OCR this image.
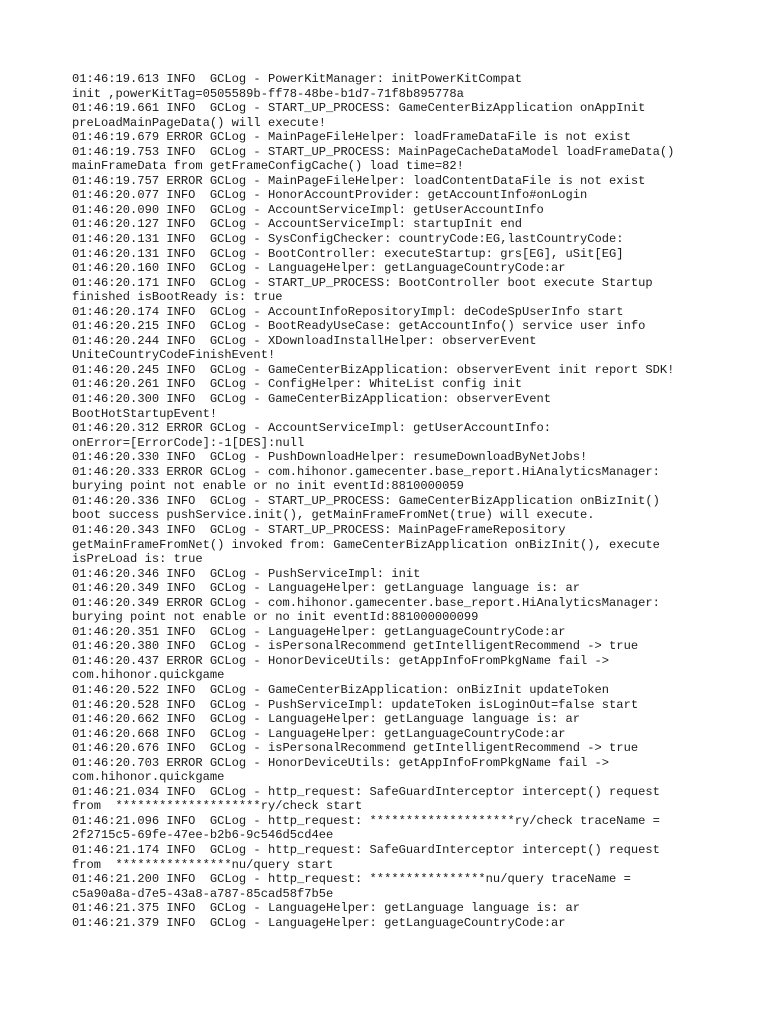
01:46:19.613 INFO  GCLog - PowerKitManager: initPowerKitCompat
init ,powerKitTag=0505589b-ff78-48be-b1d7-71f8b895778a
01:46:19.661 INFO  GCLog - START_UP_PROCESS: GameCenterBizApplication onAppInit
preLoadMainPageData() will execute!
01:46:19.679 ERROR GCLog - MainPageFileHelper: loadFrameDataFile is not exist
01:46:19.753 INFO  GCLog - START_UP_PROCESS: MainPageCacheDataModel loadFrameData()
mainFrameData from getFrameConfigCache() load time=82!
01:46:19.757 ERROR GCLog - MainPageFileHelper: loadContentDataFile is not exist
01:46:20.077 INFO  GCLog - HonorAccountProvider: getAccountInfo#onLogin
01:46:20.090 INFO  GCLog - AccountServiceImpl: getUserAccountInfo
01:46:20.127 INFO  GCLog - AccountServiceImpl: startupInit end
01:46:20.131 INFO  GCLog - SysConfigChecker: countryCode:EG,lastCountryCode:
01:46:20.131 INFO  GCLog - BootController: executeStartup: grs[EG], uSit[EG]
01:46:20.160 INFO  GCLog - LanguageHelper: getLanguageCountryCode:ar
01:46:20.171 INFO  GCLog - START_UP_PROCESS: BootController boot execute Startup
finished isBootReady is: true
01:46:20.174 INFO  GCLog - AccountInfoRepositoryImpl: deCodeSpUserInfo start
01:46:20.215 INFO  GCLog - BootReadyUseCase: getAccountInfo() service user info
01:46:20.244 INFO  GCLog - XDownloadInstallHelper: observerEvent
UniteCountryCodeFinishEvent!
01:46:20.245 INFO  GCLog - GameCenterBizApplication: observerEvent init report SDK!
01:46:20.261 INFO  GCLog - ConfigHelper: WhiteList config init
01:46:20.300 INFO  GCLog - GameCenterBizApplication: observerEvent
BootHotStartupEvent!
01:46:20.312 ERROR GCLog - AccountServiceImpl: getUserAccountInfo:
onError=[ErrorCode]:-1[DES]:null
01:46:20.330 INFO  GCLog - PushDownloadHelper: resumeDownloadByNetJobs!
01:46:20.333 ERROR GCLog - com.hihonor.gamecenter.base_report.HiAnalyticsManager:
burying point not enable or no init eventId:8810000059
01:46:20.336 INFO  GCLog - START_UP_PROCESS: GameCenterBizApplication onBizInit()
boot success pushService.init(), getMainFrameFromNet(true) will execute.
01:46:20.343 INFO  GCLog - START_UP_PROCESS: MainPageFrameRepository
getMainFrameFromNet() invoked from: GameCenterBizApplication onBizInit(), execute
isPreLoad is: true
01:46:20.346 INFO  GCLog - PushServiceImpl: init
01:46:20.349 INFO  GCLog - LanguageHelper: getLanguage language is: ar
01:46:20.349 ERROR GCLog - com.hihonor.gamecenter.base_report.HiAnalyticsManager:
burying point not enable or no init eventId:881000000099
01:46:20.351 INFO  GCLog - LanguageHelper: getLanguageCountryCode:ar
01:46:20.380 INFO  GCLog - isPersonalRecommend getIntelligentRecommend -> true
01:46:20.437 ERROR GCLog - HonorDeviceUtils: getAppInfoFromPkgName fail ->
com.hihonor.quickgame
01:46:20.522 INFO  GCLog - GameCenterBizApplication: onBizInit updateToken
01:46:20.528 INFO  GCLog - PushServiceImpl: updateToken isLoginOut=false start
01:46:20.662 INFO  GCLog - LanguageHelper: getLanguage language is: ar
01:46:20.668 INFO  GCLog - LanguageHelper: getLanguageCountryCode:ar
01:46:20.676 INFO  GCLog - isPersonalRecommend getIntelligentRecommend -> true
01:46:20.703 ERROR GCLog - HonorDeviceUtils: getAppInfoFromPkgName fail ->
com.hihonor.quickgame
01:46:21.034 INFO  GCLog - http_request: SafeGuardInterceptor intercept() request
from  ********************ry/check start
01:46:21.096 INFO  GCLog - http_request: ********************ry/check traceName =
2f2715c5-69fe-47ee-b2b6-9c546d5cd4ee
01:46:21.174 INFO  GCLog - http_request: SafeGuardInterceptor intercept() request
from  ****************nu/query start
01:46:21.200 INFO  GCLog - http_request: ****************nu/query traceName =
c5a90a8a-d7e5-43a8-a787-85cad58f7b5e
01:46:21.375 INFO  GCLog - LanguageHelper: getLanguage language is: ar
01:46:21.379 INFO  GCLog - LanguageHelper: getLanguageCountryCode:ar
